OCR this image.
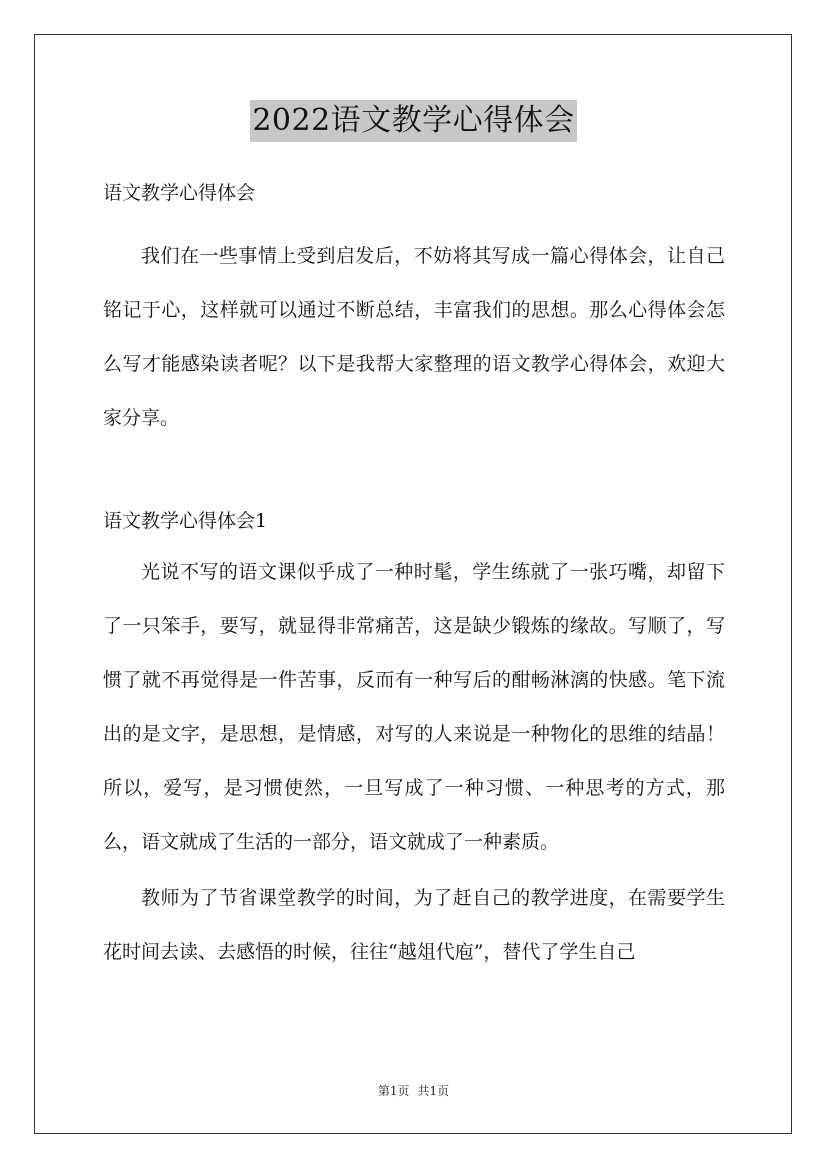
2022语文教学心得体会

语文教学心得体会

我们在一些事情上受到启发后，不妨将其写成一篇心得体会，让自己铭记于心，这样就可以通过不断总结，丰富我们的思想。那么心得体会怎么写才能感染读者呢？以下是我帮大家整理的语文教学心得体会，欢迎大家分享。

语文教学心得体会1

光说不写的语文课似乎成了一种时髦，学生练就了一张巧嘴，却留下了一只笨手，要写，就显得非常痛苦，这是缺少锻炼的缘故。写顺了，写惯了就不再觉得是一件苦事，反而有一种写后的酣畅淋漓的快感。笔下流出的是文字，是思想，是情感，对写的人来说是一种物化的思维的结晶！所以，爱写，是习惯使然，一旦写成了一种习惯、一种思考的方式，那么，语文就成了生活的一部分，语文就成了一种素质。

教师为了节省课堂教学的时间，为了赶自己的教学进度，在需要学生花时间去读、去感悟的时候，往往“越俎代庖”，替代了学生自己

第1页 共1页
